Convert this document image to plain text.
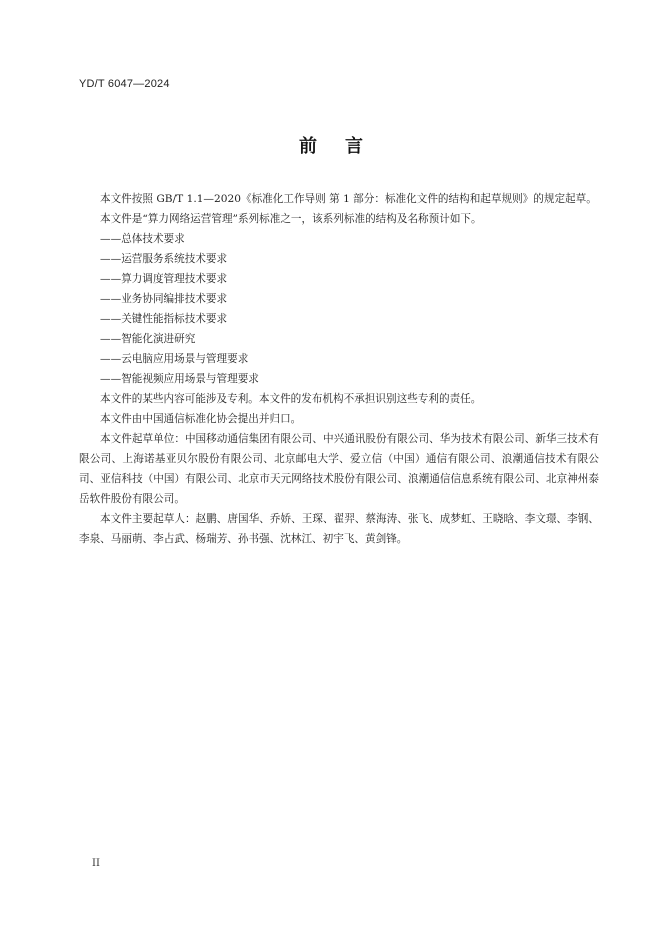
YD/T 6047—2024
前言

本文件按照 GB/T 1.1—2020《标准化工作导则 第 1 部分：标准化文件的结构和起草规则》的规定起草。

本文件是“算力网络运营管理”系列标准之一，该系列标准的结构及名称预计如下。

——总体技术要求

——运营服务系统技术要求

——算力调度管理技术要求

——业务协同编排技术要求

——关键性能指标技术要求

——智能化演进研究

——云电脑应用场景与管理要求

——智能视频应用场景与管理要求

本文件的某些内容可能涉及专利。本文件的发布机构不承担识别这些专利的责任。

本文件由中国通信标准化协会提出并归口。

本文件起草单位：中国移动通信集团有限公司、中兴通讯股份有限公司、华为技术有限公司、新华三技术有限公司、上海诺基亚贝尔股份有限公司、北京邮电大学、爱立信（中国）通信有限公司、浪潮通信技术有限公司、亚信科技（中国）有限公司、北京市天元网络技术股份有限公司、浪潮通信信息系统有限公司、北京神州泰岳软件股份有限公司。

本文件主要起草人：赵鹏、唐国华、乔娇、王琛、翟羿、蔡海涛、张飞、成梦虹、王晓晗、李文璟、李钢、李泉、马丽萌、李占武、杨瑞芳、孙书强、沈林江、初宇飞、黄剑锋。

II
